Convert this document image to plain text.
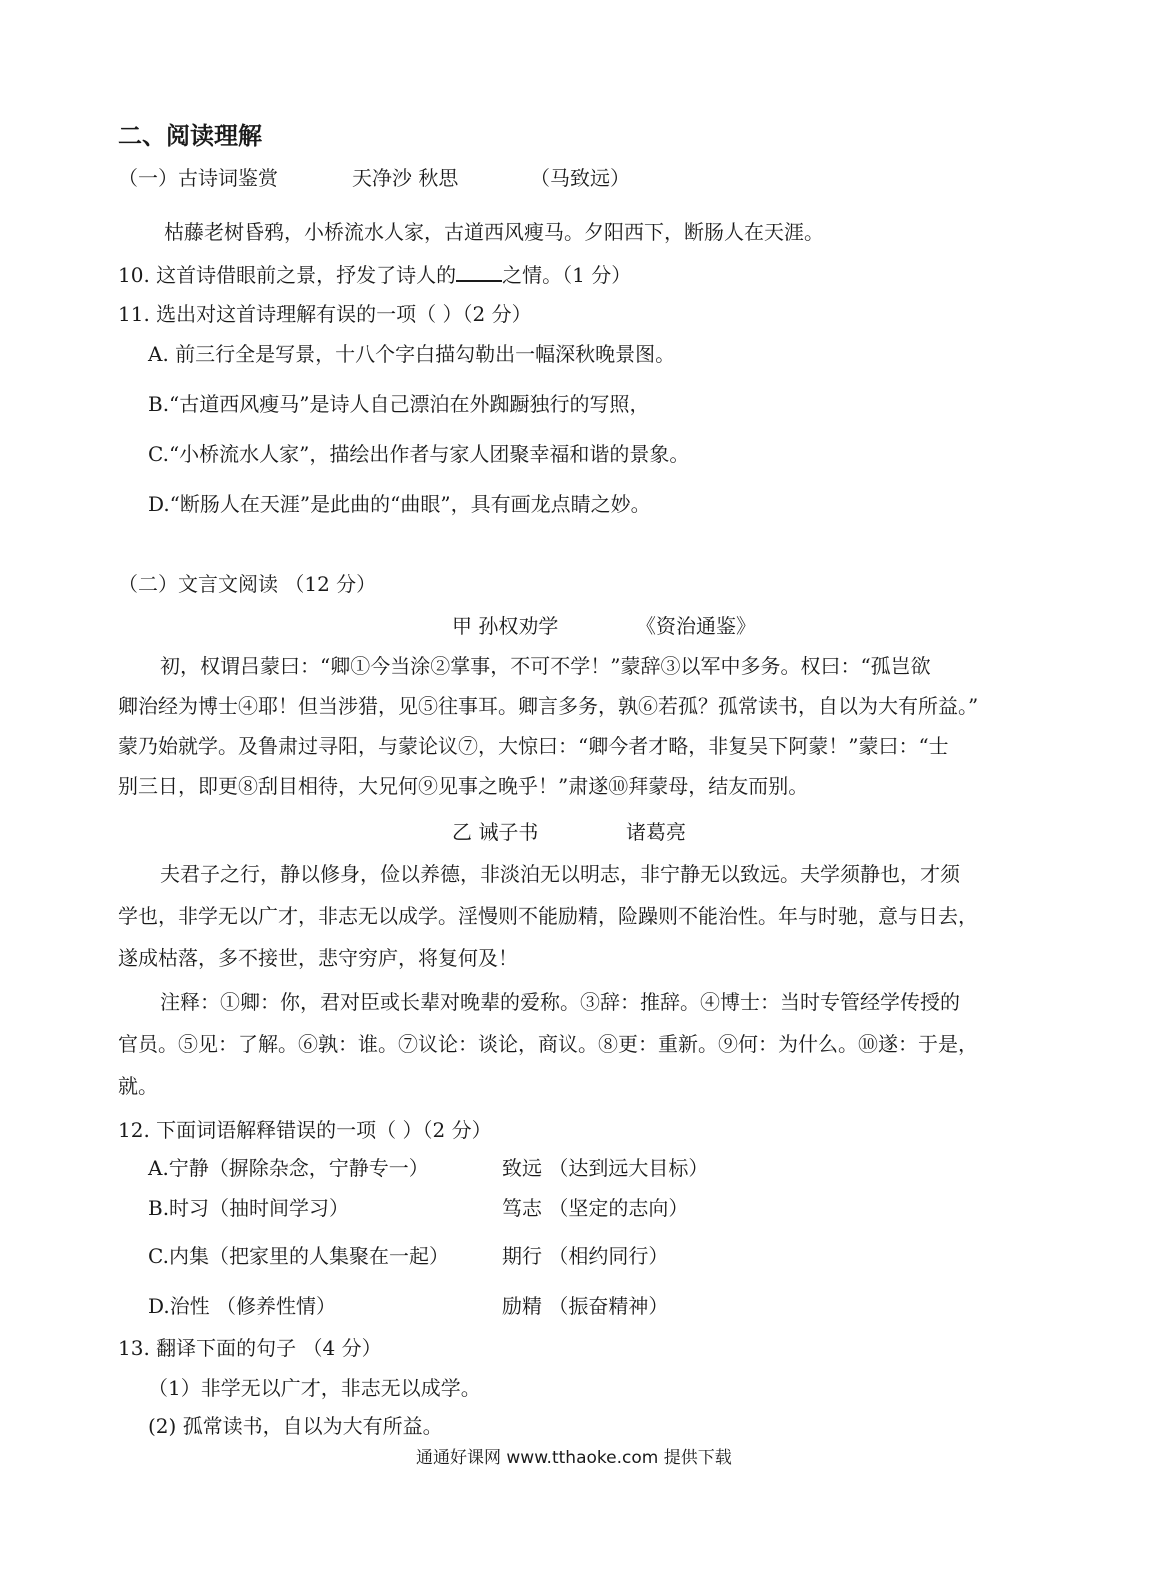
二、阅读理解
（一）古诗词鉴赏	天净沙 秋思	（马致远）
枯藤老树昏鸦，小桥流水人家，古道西风瘦马。夕阳西下，断肠人在天涯。
10. 这首诗借眼前之景，抒发了诗人的 之情。（1 分）
11. 选出对这首诗理解有误的一项（ ）（2 分）
A. 前三行全是写景，十八个字白描勾勒出一幅深秋晚景图。
B.“古道西风瘦马”是诗人自己漂泊在外踟蹰独行的写照，
C.“小桥流水人家”，描绘出作者与家人团聚幸福和谐的景象。
D.“断肠人在天涯”是此曲的“曲眼”，具有画龙点睛之妙。
（二）文言文阅读 （12 分）
甲 孙权劝学	《资治通鉴》
初，权谓吕蒙曰：“卿①今当涂②掌事，不可不学！”蒙辞③以军中多务。权曰：“孤岂欲
卿治经为博士④耶！但当涉猎，见⑤往事耳。卿言多务，孰⑥若孤？孤常读书，自以为大有所益。”
蒙乃始就学。及鲁肃过寻阳，与蒙论议⑦，大惊曰：“卿今者才略，非复吴下阿蒙！”蒙曰：“士
别三日，即更⑧刮目相待，大兄何⑨见事之晚乎！”肃遂⑩拜蒙母，结友而别。
乙 诫子书	诸葛亮
夫君子之行，静以修身，俭以养德，非淡泊无以明志，非宁静无以致远。夫学须静也，才须
学也，非学无以广才，非志无以成学。淫慢则不能励精，险躁则不能治性。年与时驰，意与日去，
遂成枯落，多不接世，悲守穷庐，将复何及！
注释：①卿：你，君对臣或长辈对晚辈的爱称。③辞：推辞。④博士：当时专管经学传授的
官员。⑤见：了解。⑥孰：谁。⑦议论：谈论，商议。⑧更：重新。⑨何：为什么。⑩遂：于是，
就。
12. 下面词语解释错误的一项（ ）（2 分）
A.宁静（摒除杂念，宁静专一）	致远 （达到远大目标）
B.时习（抽时间学习）	笃志 （坚定的志向）
C.内集（把家里的人集聚在一起）	期行 （相约同行）
D.治性 （修养性情）	励精 （振奋精神）
13. 翻译下面的句子 （4 分）
（1）非学无以广才，非志无以成学。
(2) 孤常读书，自以为大有所益。
通通好课网 www.tthaoke.com 提供下载
